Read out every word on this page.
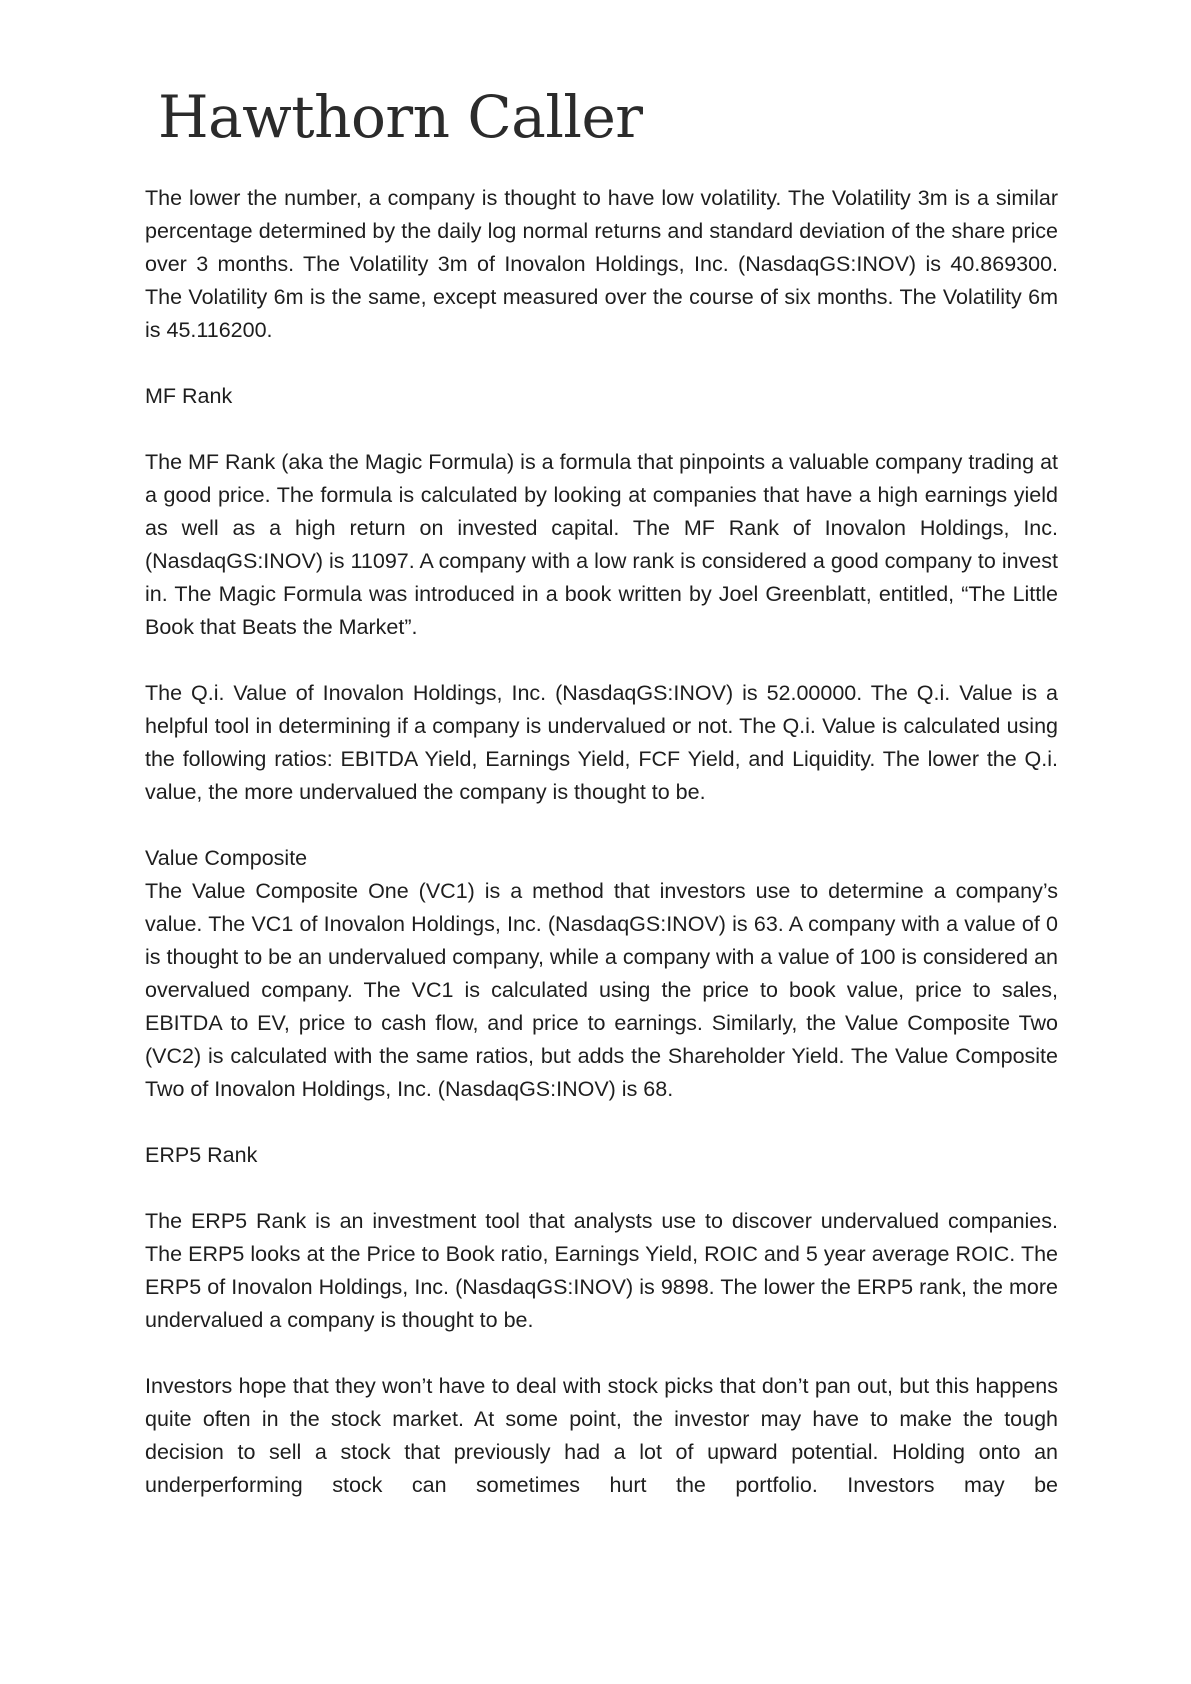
Hawthorn Caller

The lower the number, a company is thought to have low volatility. The Volatility 3m is a similar percentage determined by the daily log normal returns and standard deviation of the share price over 3 months. The Volatility 3m of Inovalon Holdings, Inc. (NasdaqGS:INOV) is 40.869300. The Volatility 6m is the same, except measured over the course of six months. The Volatility 6m is 45.116200.

MF Rank

The MF Rank (aka the Magic Formula) is a formula that pinpoints a valuable company trading at a good price. The formula is calculated by looking at companies that have a high earnings yield as well as a high return on invested capital. The MF Rank of Inovalon Holdings, Inc. (NasdaqGS:INOV) is 11097. A company with a low rank is considered a good company to invest in. The Magic Formula was introduced in a book written by Joel Greenblatt, entitled, “The Little Book that Beats the Market”.

The Q.i. Value of Inovalon Holdings, Inc. (NasdaqGS:INOV) is 52.00000. The Q.i. Value is a helpful tool in determining if a company is undervalued or not. The Q.i. Value is calculated using the following ratios: EBITDA Yield, Earnings Yield, FCF Yield, and Liquidity. The lower the Q.i. value, the more undervalued the company is thought to be.

Value Composite

The Value Composite One (VC1) is a method that investors use to determine a company’s value. The VC1 of Inovalon Holdings, Inc. (NasdaqGS:INOV) is 63. A company with a value of 0 is thought to be an undervalued company, while a company with a value of 100 is considered an overvalued company. The VC1 is calculated using the price to book value, price to sales, EBITDA to EV, price to cash flow, and price to earnings. Similarly, the Value Composite Two (VC2) is calculated with the same ratios, but adds the Shareholder Yield. The Value Composite Two of Inovalon Holdings, Inc. (NasdaqGS:INOV) is 68.

ERP5 Rank

The ERP5 Rank is an investment tool that analysts use to discover undervalued companies. The ERP5 looks at the Price to Book ratio, Earnings Yield, ROIC and 5 year average ROIC. The ERP5 of Inovalon Holdings, Inc. (NasdaqGS:INOV) is 9898. The lower the ERP5 rank, the more undervalued a company is thought to be.

Investors hope that they won’t have to deal with stock picks that don’t pan out, but this happens quite often in the stock market. At some point, the investor may have to make the tough decision to sell a stock that previously had a lot of upward potential. Holding onto an underperforming stock can sometimes hurt the portfolio. Investors may be
